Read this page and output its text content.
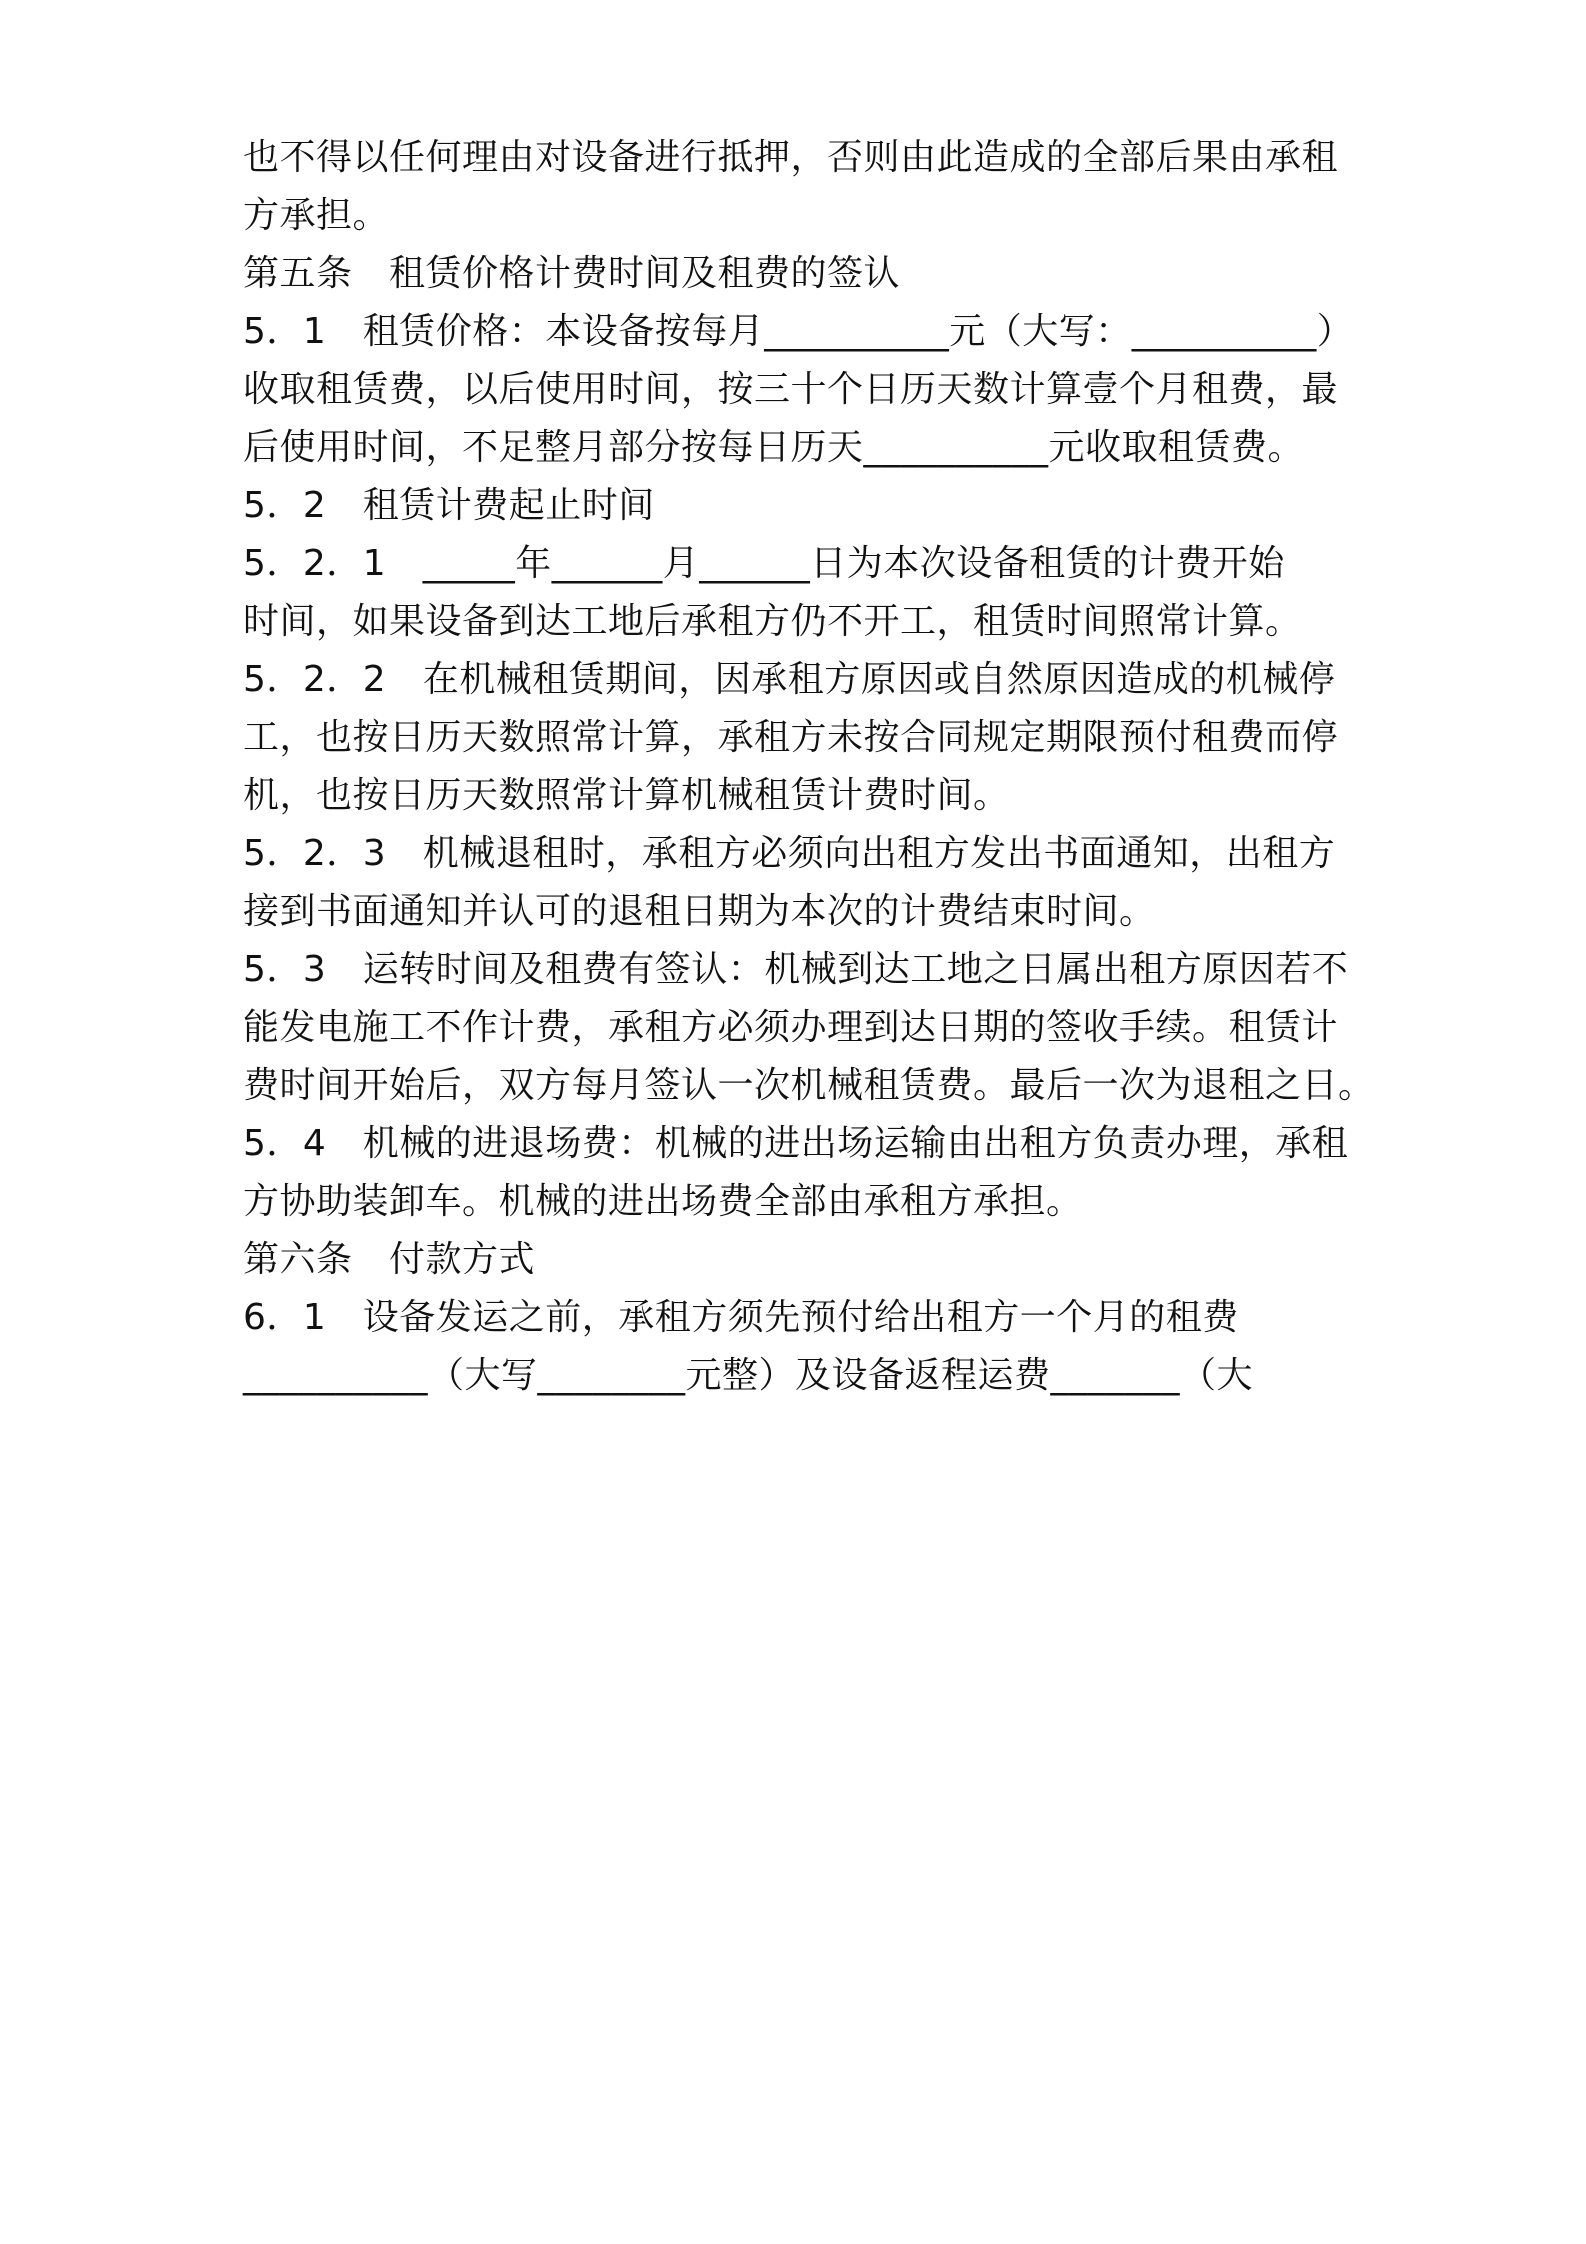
也不得以任何理由对设备进行抵押，否则由此造成的全部后果由承租
方承担。
第五条　租赁价格计费时间及租费的签认
5．1　租赁价格：本设备按每月__________元（大写：__________）
收取租赁费，以后使用时间，按三十个日历天数计算壹个月租费，最
后使用时间，不足整月部分按每日历天__________元收取租赁费。
5．2　租赁计费起止时间
5．2．1　_____年______月______日为本次设备租赁的计费开始
时间，如果设备到达工地后承租方仍不开工，租赁时间照常计算。
5．2．2　在机械租赁期间，因承租方原因或自然原因造成的机械停
工，也按日历天数照常计算，承租方未按合同规定期限预付租费而停
机，也按日历天数照常计算机械租赁计费时间。
5．2．3　机械退租时，承租方必须向出租方发出书面通知，出租方
接到书面通知并认可的退租日期为本次的计费结束时间。
5．3　运转时间及租费有签认：机械到达工地之日属出租方原因若不
能发电施工不作计费，承租方必须办理到达日期的签收手续。租赁计
费时间开始后，双方每月签认一次机械租赁费。最后一次为退租之日。
5．4　机械的进退场费：机械的进出场运输由出租方负责办理，承租
方协助装卸车。机械的进出场费全部由承租方承担。
第六条　付款方式
6．1　设备发运之前，承租方须先预付给出租方一个月的租费
__________（大写________元整）及设备返程运费_______（大
